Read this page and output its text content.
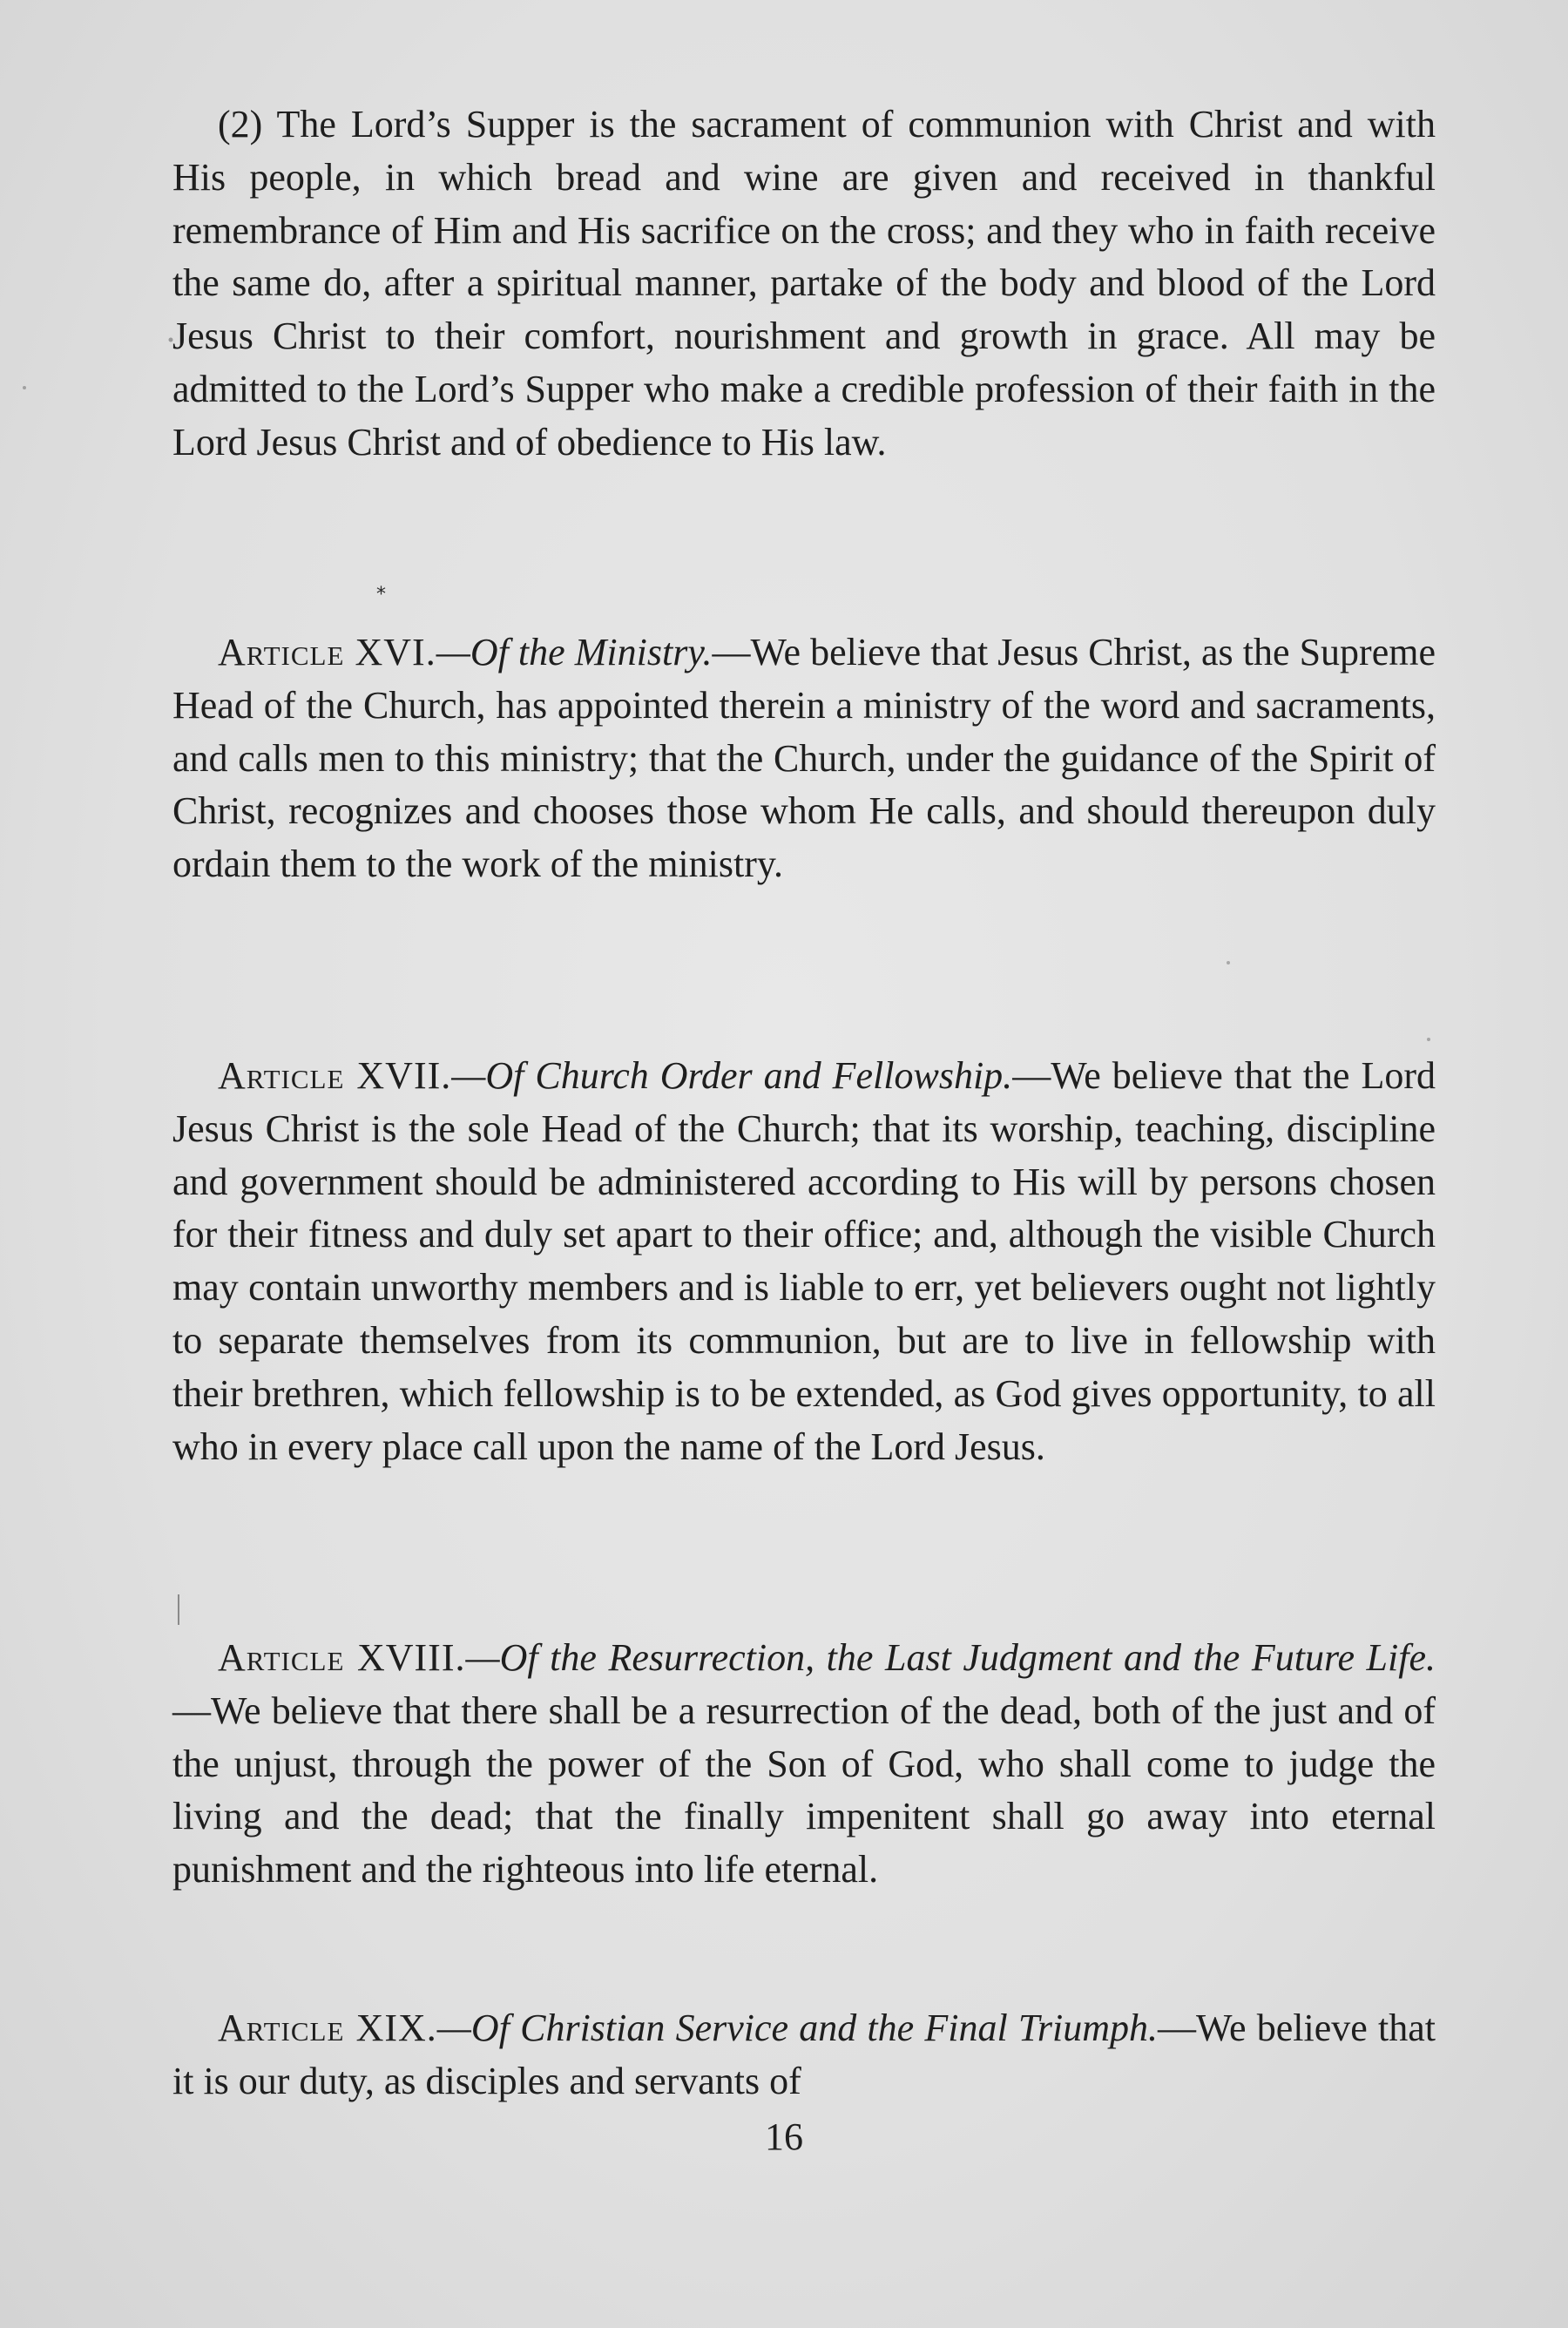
(2) The Lord’s Supper is the sacrament of communion with Christ and with His people, in which bread and wine are given and received in thankful remembrance of Him and His sacrifice on the cross; and they who in faith receive the same do, after a spiritual manner, partake of the body and blood of the Lord Jesus Christ to their comfort, nourishment and growth in grace. All may be admitted to the Lord’s Supper who make a credible profession of their faith in the Lord Jesus Christ and of obedience to His law.

*

Article XVI.—Of the Ministry.—We believe that Jesus Christ, as the Supreme Head of the Church, has appointed therein a ministry of the word and sacraments, and calls men to this ministry; that the Church, under the guidance of the Spirit of Christ, recognizes and chooses those whom He calls, and should thereupon duly ordain them to the work of the ministry.

Article XVII.—Of Church Order and Fellowship.—We believe that the Lord Jesus Christ is the sole Head of the Church; that its worship, teaching, discipline and government should be administered according to His will by persons chosen for their fitness and duly set apart to their office; and, although the visible Church may contain unworthy members and is liable to err, yet believers ought not lightly to separate themselves from its communion, but are to live in fellowship with their brethren, which fellowship is to be extended, as God gives opportunity, to all who in every place call upon the name of the Lord Jesus.

Article XVIII.—Of the Resurrection, the Last Judgment and the Future Life.—We believe that there shall be a resurrection of the dead, both of the just and of the unjust, through the power of the Son of God, who shall come to judge the living and the dead; that the finally impenitent shall go away into eternal punishment and the righteous into life eternal.

Article XIX.—Of Christian Service and the Final Triumph.—We believe that it is our duty, as disciples and servants of

16
